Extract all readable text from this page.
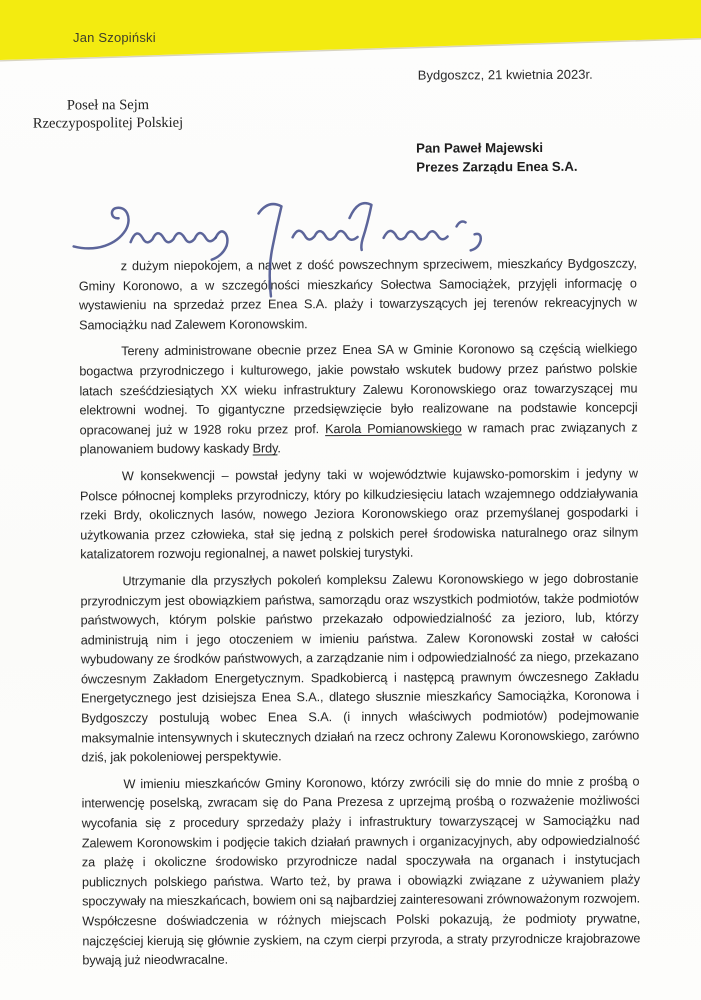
Jan Szopiński
Bydgoszcz, 21 kwietnia 2023r.
Poseł na Sejm
Rzeczypospolitej Polskiej
Pan Paweł Majewski
Prezes Zarządu Enea S.A.

z dużym niepokojem, a nawet z dość powszechnym sprzeciwem, mieszkańcy Bydgoszczy, Gminy Koronowo, a w szczególności mieszkańcy Sołectwa Samociążek, przyjęli informację o wystawieniu na sprzedaż przez Enea S.A. plaży i towarzyszących jej terenów rekreacyjnych w Samociążku nad Zalewem Koronowskim.

Tereny administrowane obecnie przez Enea SA w Gminie Koronowo są częścią wielkiego bogactwa przyrodniczego i kulturowego, jakie powstało wskutek budowy przez państwo polskie latach sześćdziesiątych XX wieku infrastruktury Zalewu Koronowskiego oraz towarzyszącej mu elektrowni wodnej. To gigantyczne przedsięwzięcie było realizowane na podstawie koncepcji opracowanej już w 1928 roku przez prof. Karola Pomianowskiego w ramach prac związanych z planowaniem budowy kaskady Brdy.

W konsekwencji – powstał jedyny taki w województwie kujawsko-pomorskim i jedyny w Polsce północnej kompleks przyrodniczy, który po kilkudziesięciu latach wzajemnego oddziaływania rzeki Brdy, okolicznych lasów, nowego Jeziora Koronowskiego oraz przemyślanej gospodarki i użytkowania przez człowieka, stał się jedną z polskich pereł środowiska naturalnego oraz silnym katalizatorem rozwoju regionalnej, a nawet polskiej turystyki.

Utrzymanie dla przyszłych pokoleń kompleksu Zalewu Koronowskiego w jego dobrostanie przyrodniczym jest obowiązkiem państwa, samorządu oraz wszystkich podmiotów, także podmiotów państwowych, którym polskie państwo przekazało odpowiedzialność za jezioro, lub, którzy administrują nim i jego otoczeniem w imieniu państwa. Zalew Koronowski został w całości wybudowany ze środków państwowych, a zarządzanie nim i odpowiedzialność za niego, przekazano ówczesnym Zakładom Energetycznym. Spadkobiercą i następcą prawnym ówczesnego Zakładu Energetycznego jest dzisiejsza Enea S.A., dlatego słusznie mieszkańcy Samociążka, Koronowa i Bydgoszczy postulują wobec Enea S.A. (i innych właściwych podmiotów) podejmowanie maksymalnie intensywnych i skutecznych działań na rzecz ochrony Zalewu Koronowskiego, zarówno dziś, jak pokoleniowej perspektywie.

W imieniu mieszkańców Gminy Koronowo, którzy zwrócili się do mnie do mnie z prośbą o interwencję poselską, zwracam się do Pana Prezesa z uprzejmą prośbą o rozważenie możliwości wycofania się z procedury sprzedaży plaży i infrastruktury towarzyszącej w Samociążku nad Zalewem Koronowskim i podjęcie takich działań prawnych i organizacyjnych, aby odpowiedzialność za plażę i okoliczne środowisko przyrodnicze nadal spoczywała na organach i instytucjach publicznych polskiego państwa. Warto też, by prawa i obowiązki związane z używaniem plaży spoczywały na mieszkańcach, bowiem oni są najbardziej zainteresowani zrównoważonym rozwojem. Współczesne doświadczenia w różnych miejscach Polski pokazują, że podmioty prywatne, najczęściej kierują się głównie zyskiem, na czym cierpi przyroda, a straty przyrodnicze krajobrazowe bywają już nieodwracalne.
